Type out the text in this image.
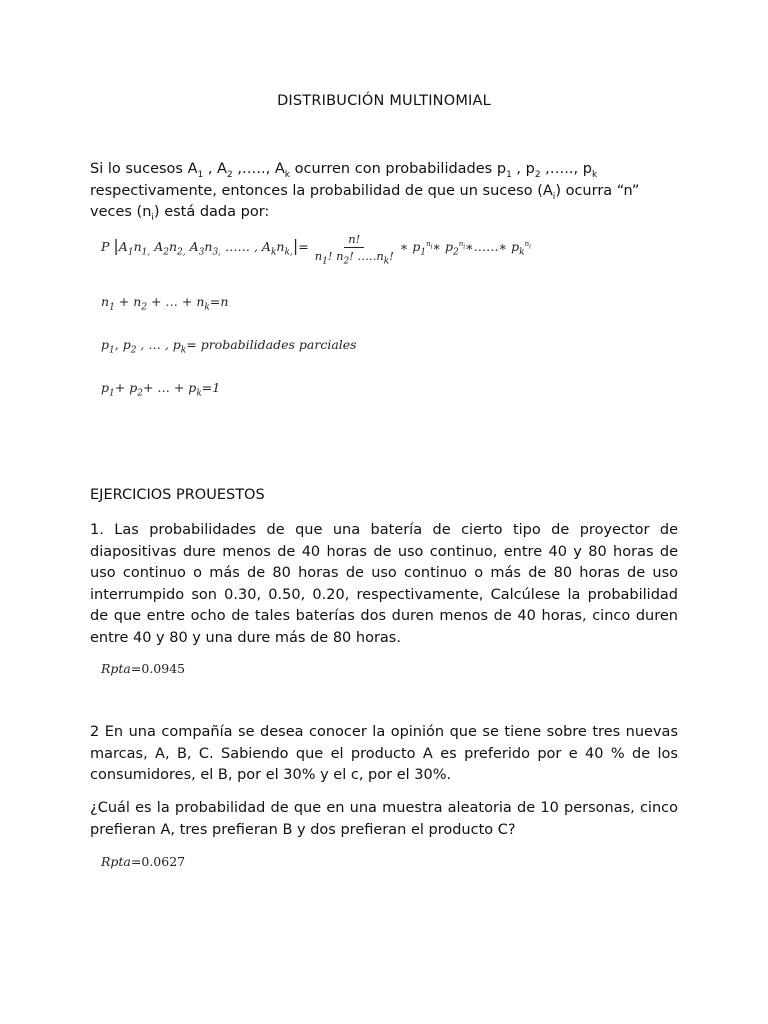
DISTRIBUCIÓN MULTINOMIAL
Si lo sucesos $A_1$ , $A_2$ ,….., $A_k$ ocurren con probabilidades $p_1$ , $p_2$ ,….., $p_k$
respectivamente, entonces la probabilidad de que un suceso $(A_i)$ ocurra “n”
veces $(n_i)$ está dada por:
P $|A_1n_{1,}$ $A_2n_{2,}$ $A_3n_{3,}$ …… , $A_kn_{k,}|= \frac{n!}{n_1! n_2! \dots..n_k!}$ ∗ $p_1^{n_i}∗$ $p_2^{n_i}∗\dots\dots∗$ $p_k^{n_i}$
$n_1 + n_2$ + … + $n_k=n$
$p_1$, $p_2$ , … , $p_k=$ probabilidades parciales
$p_1+ p_2+$ … + $p_k=1$
EJERCICIOS PROUESTOS
1. Las probabilidades de que una batería de cierto tipo de proyector de diapositivas dure menos de 40 horas de uso continuo, entre 40 y 80 horas de uso continuo o más de 80 horas de uso continuo o más de 80 horas de uso interrumpido son 0.30, 0.50, 0.20, respectivamente, Calcúlese la probabilidad de que entre ocho de tales baterías dos duren menos de 40 horas, cinco duren entre 40 y 80 y una dure más de 80 horas.
Rpta=0.0945
2 En una compañía se desea conocer la opinión que se tiene sobre tres nuevas marcas, A, B, C. Sabiendo que el producto A es preferido por e 40 % de los consumidores, el B, por el 30% y el c, por el 30%.
¿Cuál es la probabilidad de que en una muestra aleatoria de 10 personas, cinco prefieran A, tres prefieran B y dos prefieran el producto C?
Rpta=0.0627
